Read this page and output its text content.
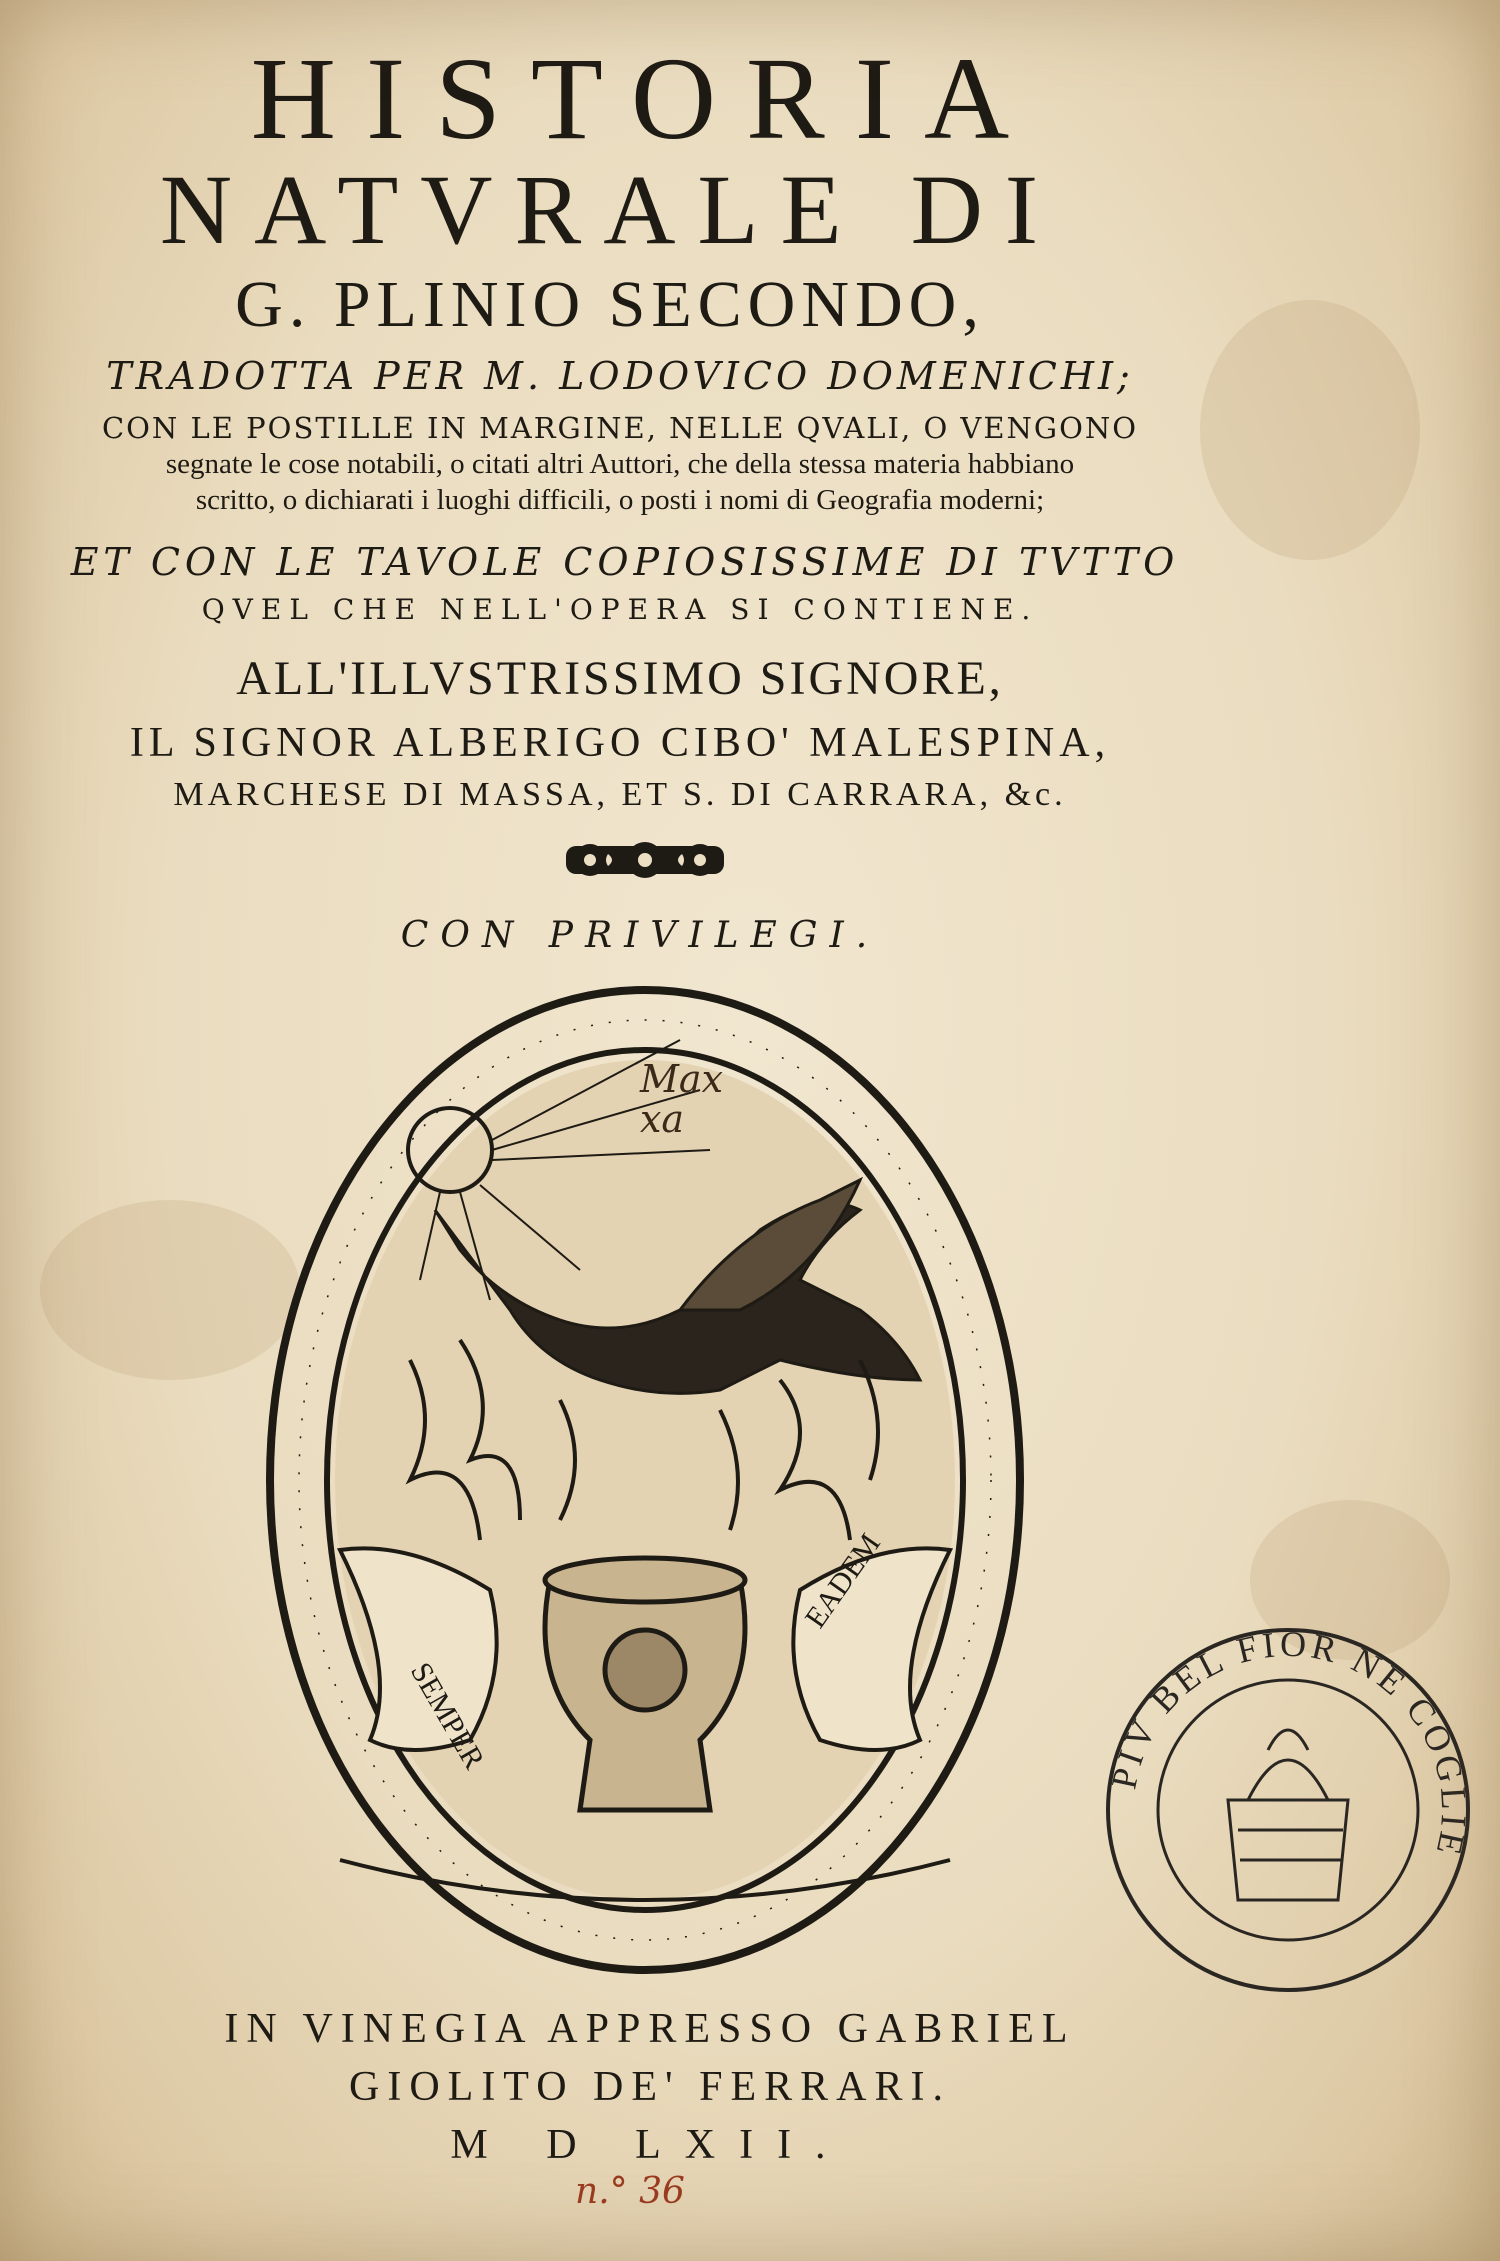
HISTORIA
NATVRALE DI
G. PLINIO SECONDO,
TRADOTTA PER M. LODOVICO DOMENICHI;
CON LE POSTILLE IN MARGINE, NELLE QVALI, O VENGONO
segnate le cose notabili, o citati altri Auttori, che della stessa materia habbiano
scritto, o dichiarati i luoghi difficili, o posti i nomi di Geografia moderni;
ET CON LE TAVOLE COPIOSISSIME DI TVTTO
QVEL CHE NELL'OPERA SI CONTIENE.
ALL'ILLVSTRISSIMO SIGNORE,
IL SIGNOR ALBERIGO CIBO' MALESPINA,
MARCHESE DI MASSA, ET S. DI CARRARA, &c.
CON PRIVILEGI.
SEMPER
EADEM
Max
xa
PIV BEL FIOR NE COGLIE
IN VINEGIA APPRESSO GABRIEL
GIOLITO DE' FERRARI.
M D LXII.
n.° 36
